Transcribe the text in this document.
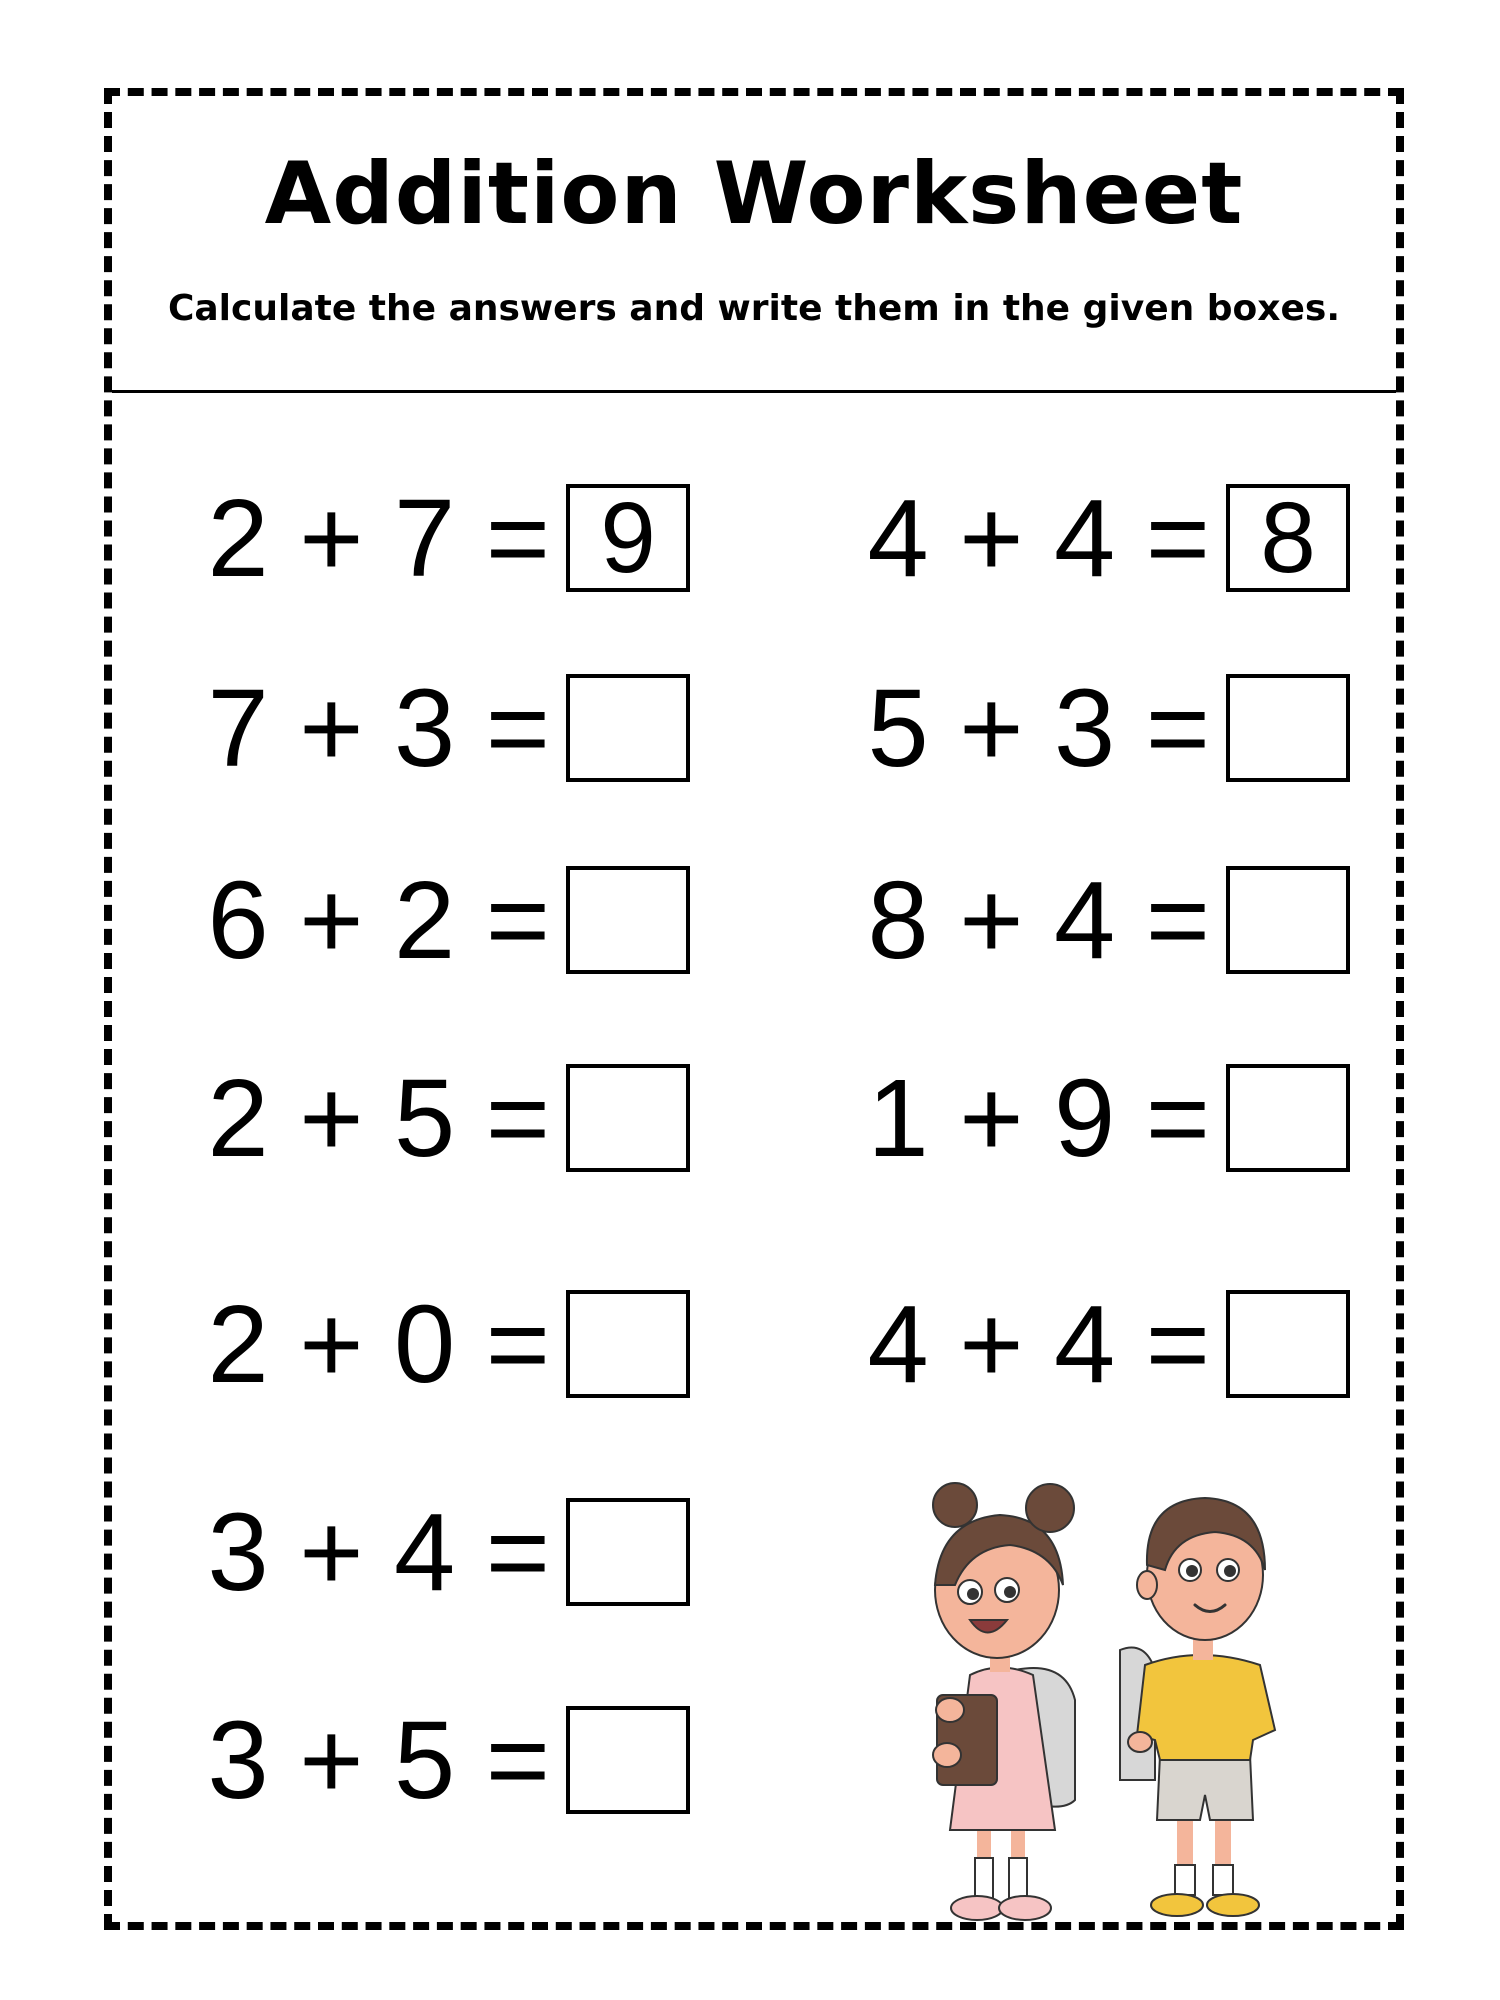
Addition Worksheet
Calculate the answers and write them in the given boxes.
2 + 7 = 9
7 + 3 =
6 + 2 =
2 + 5 =
2 + 0 =
3 + 4 =
3 + 5 =
4 + 4 = 8
5 + 3 =
8 + 4 =
1 + 9 =
4 + 4 =
